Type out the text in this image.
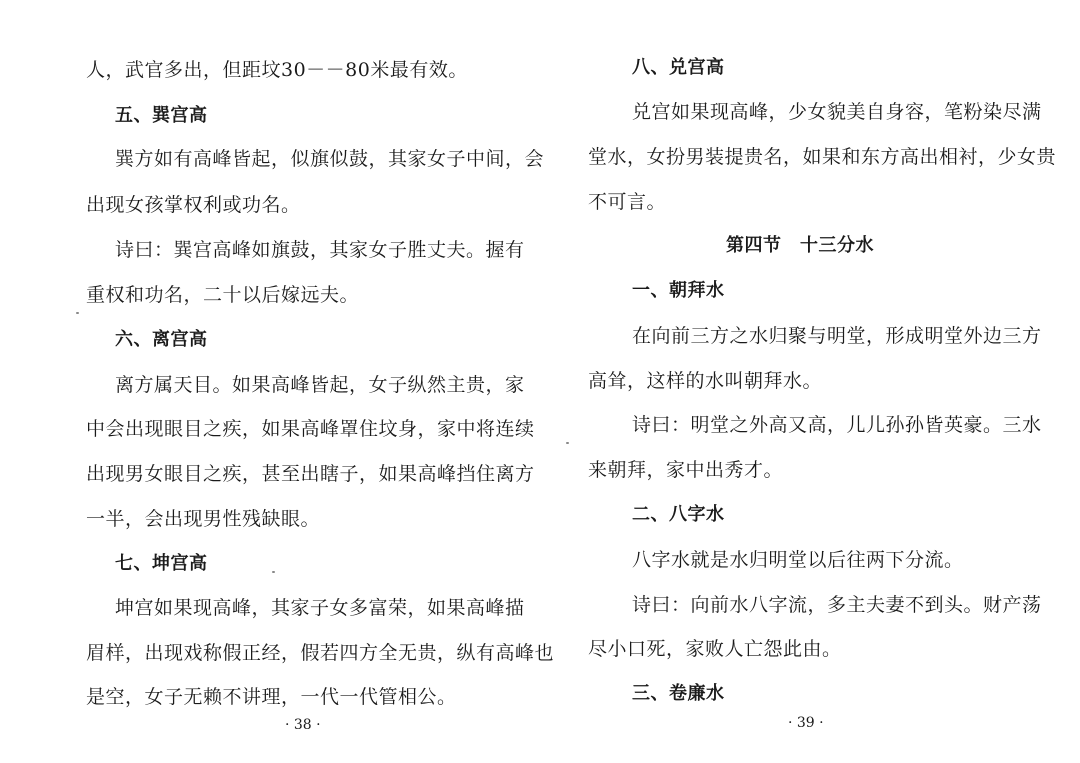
人，武官多出，但距坟30－－80米最有效。
五、巽宫高
巽方如有高峰皆起，似旗似鼓，其家女子中间，会
出现女孩掌权利或功名。
诗曰：巽宫高峰如旗鼓，其家女子胜丈夫。握有
重权和功名，二十以后嫁远夫。
六、离宫高
离方属天目。如果高峰皆起，女子纵然主贵，家
中会出现眼目之疾，如果高峰罩住坟身，家中将连续
出现男女眼目之疾，甚至出瞎子，如果高峰挡住离方
一半，会出现男性残缺眼。
七、坤宫高
坤宫如果现高峰，其家子女多富荣，如果高峰描
眉样，出现戏称假正经，假若四方全无贵，纵有高峰也
是空，女子无赖不讲理，一代一代管相公。
· 38 ·
八、兑宫高
兑宫如果现高峰，少女貌美自身容，笔粉染尽满
堂水，女扮男装提贵名，如果和东方高出相衬，少女贵
不可言。
第四节　十三分水
一、朝拜水
在向前三方之水归聚与明堂，形成明堂外边三方
高耸，这样的水叫朝拜水。
诗曰：明堂之外高又高，儿儿孙孙皆英豪。三水
来朝拜，家中出秀才。
二、八字水
八字水就是水归明堂以后往两下分流。
诗曰：向前水八字流，多主夫妻不到头。财产荡
尽小口死，家败人亡怨此由。
三、卷廉水
· 39 ·
